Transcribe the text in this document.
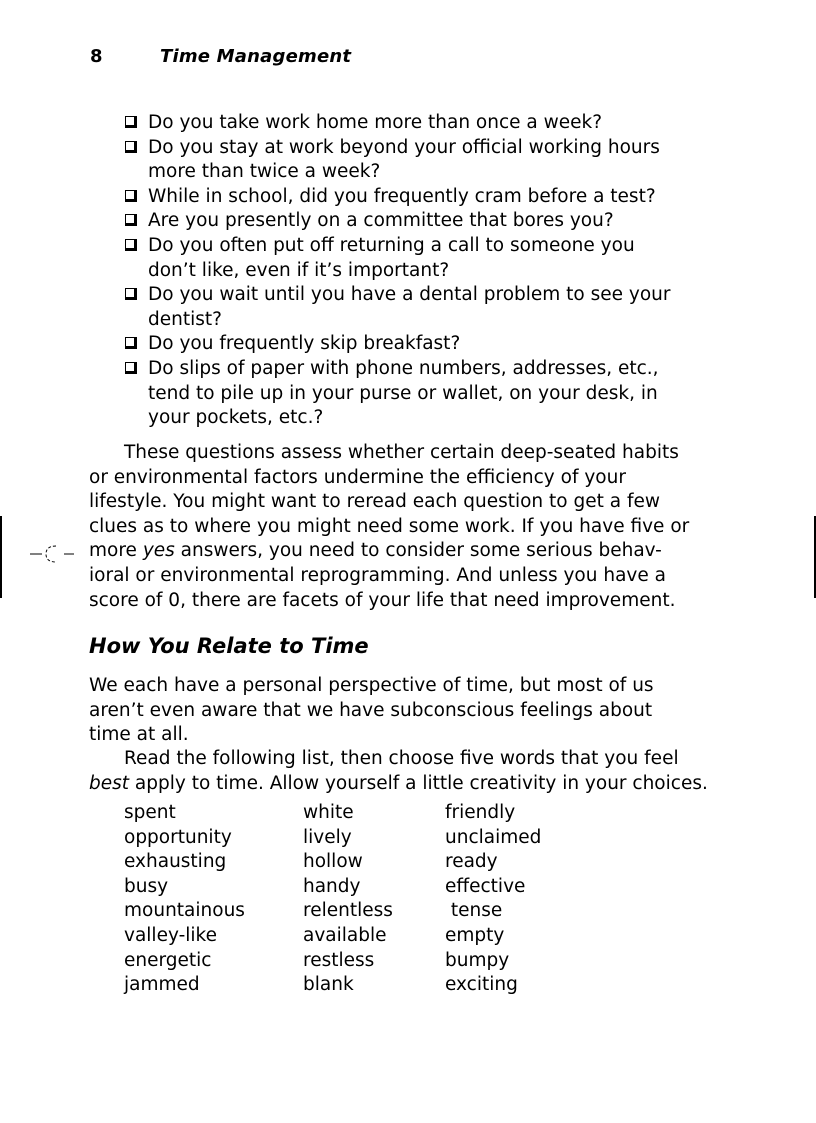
8	Time Management
Do you take work home more than once a week?
Do you stay at work beyond your official working hours
more than twice a week?
While in school, did you frequently cram before a test?
Are you presently on a committee that bores you?
Do you often put off returning a call to someone you
don’t like, even if it’s important?
Do you wait until you have a dental problem to see your
dentist?
Do you frequently skip breakfast?
Do slips of paper with phone numbers, addresses, etc.,
tend to pile up in your purse or wallet, on your desk, in
your pockets, etc.?

These questions assess whether certain deep-seated habits
or environmental factors undermine the efficiency of your
lifestyle. You might want to reread each question to get a few
clues as to where you might need some work. If you have five or
more yes answers, you need to consider some serious behav-
ioral or environmental reprogramming. And unless you have a
score of 0, there are facets of your life that need improvement.

How You Relate to Time

We each have a personal perspective of time, but most of us
aren’t even aware that we have subconscious feelings about
time at all.

Read the following list, then choose five words that you feel
best apply to time. Allow yourself a little creativity in your choices.

spent	white	friendly
opportunity	lively	unclaimed
exhausting	hollow	ready
busy	handy	effective
mountainous	relentless	tense
valley-like	available	empty
energetic	restless	bumpy
jammed	blank	exciting
